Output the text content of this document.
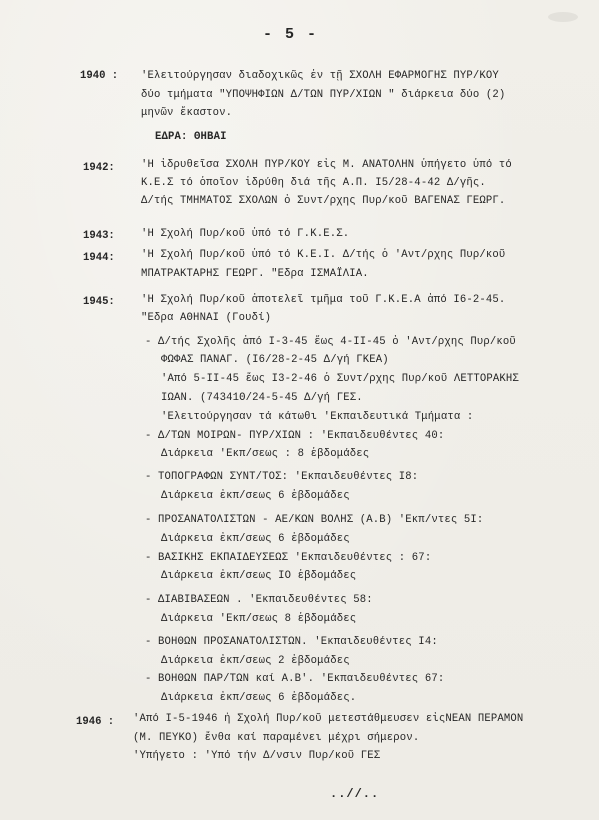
- 5 -
1940 : 'Ελειτούργησαν διαδοχικῶς ἐν τῇ ΣΧΟΛΗ ΕΦΑΡΜΟΓΗΣ ΠΥΡ/ΚΟΥ
δύο τμήματα "ΥΠΟΨΗΦΙΩΝ Δ/ΤΩΝ ΠΥΡ/ΧΙΩΝ " διάρκεια δύο (2)
μηνῶν ἕκαστον.
ΕΔΡΑ: ΘΗΒΑΙ
1942: 'Η ἱδρυθεῖσα ΣΧΟΛΗ ΠΥΡ/ΚΟΥ εἰς Μ. ΑΝΑΤΟΛΗΝ ὑπήγετο ὑπό τό
Κ.Ε.Σ τό ὁποῖον ἱδρύθη διά τῆς Α.Π. Ι5/28-4-42 Δ/γῆς.
Δ/τής ΤΜΗΜΑΤΟΣ ΣΧΟΛΩΝ ὁ Συντ/ρχης Πυρ/κοῦ ΒΑΓΕΝΑΣ ΓΕΩΡΓ.
1943: 'Η Σχολή Πυρ/κοῦ ὑπό τό Γ.Κ.Ε.Σ.
1944: 'Η Σχολή Πυρ/κοῦ ὑπό τό Κ.Ε.Ι. Δ/τής ὁ 'Αντ/ρχης Πυρ/κοῦ
ΜΠΑΤΡΑΚΤΑΡΗΣ ΓΕΩΡΓ. "Εδρα ΙΣΜΑΪΛΙΑ.
1945: 'Η Σχολή Πυρ/κοῦ ἀποτελεῖ τμῆμα τοῦ Γ.Κ.Ε.Α ἀπό Ι6-2-45.
"Εδρα ΑΘΗΝΑΙ (Γουδί)
- Δ/τής Σχολῆς ἀπό Ι-3-45 ἕως 4-ΙΙ-45 ὁ 'Αντ/ρχης Πυρ/κοῦ
ΦΩΦΑΣ ΠΑΝΑΓ. (Ι6/28-2-45 Δ/γή ΓΚΕΑ)
'Από 5-ΙΙ-45 ἕως Ι3-2-46 ὁ Συντ/ρχης Πυρ/κοῦ ΛΕΤΤΟΡΑΚΗΣ
ΙΩΑΝ. (74341Θ/24-5-45 Δ/γή ΓΕΣ.
'Ελειτούργησαν τά κάτωθι 'Εκπαιδευτικά Τμήματα :
- Δ/ΤΩΝ ΜΟΙΡΩΝ- ΠΥΡ/ΧΙΩΝ : 'Εκπαιδευθέντες 40:
Διάρκεια 'Εκπ/σεως : 8 ἑβδομάδες
- ΤΟΠΟΓΡΑΦΩΝ ΣΥΝΤ/ΤΟΣ: 'Εκπαιδευθέντες Ι8:
Διάρκεια ἐκπ/σεως 6 ἑβδομάδες
- ΠΡΟΣΑΝΑΤΟΛΙΣΤΩΝ - ΑΕ/ΚΩΝ ΒΟΛΗΣ (Α.Β) 'Εκπ/ντες 5Ι:
Διάρκεια ἐκπ/σεως 6 ἑβδομάδες
- ΒΑΣΙΚΗΣ ΕΚΠΑΙΔΕΥΣΕΩΣ 'Εκπαιδευθέντες : 67:
Διάρκεια ἐκπ/σεως ΙΟ ἑβδομάδες
- ΔΙΑΒΙΒΑΣΕΩΝ . 'Εκπαιδευθέντες 58:
Διάρκεια 'Εκπ/σεως 8 ἑβδομάδες
- ΒΟΗΘΩΝ ΠΡΟΣΑΝΑΤΟΛΙΣΤΩΝ. 'Εκπαιδευθέντες Ι4:
Διάρκεια ἐκπ/σεως 2 ἑβδομάδες
- ΒΟΗΘΩΝ ΠΑΡ/ΤΩΝ καί Α.Β'. 'Εκπαιδευθέντες 67:
Διάρκεια ἐκπ/σεως 6 ἑβδομάδες.
1946 : 'Από Ι-5-1946 ἡ Σχολή Πυρ/κοῦ μετεστάθμευσεν εἰςΝΕΑΝ ΠΕΡΑΜΟΝ
(Μ. ΠΕΥΚΟ) ἔνθα καί παραμένει μέχρι σήμερον.
'Υπήγετο : 'Υπό τήν Δ/νσιν Πυρ/κοῦ ΓΕΣ
..//..
